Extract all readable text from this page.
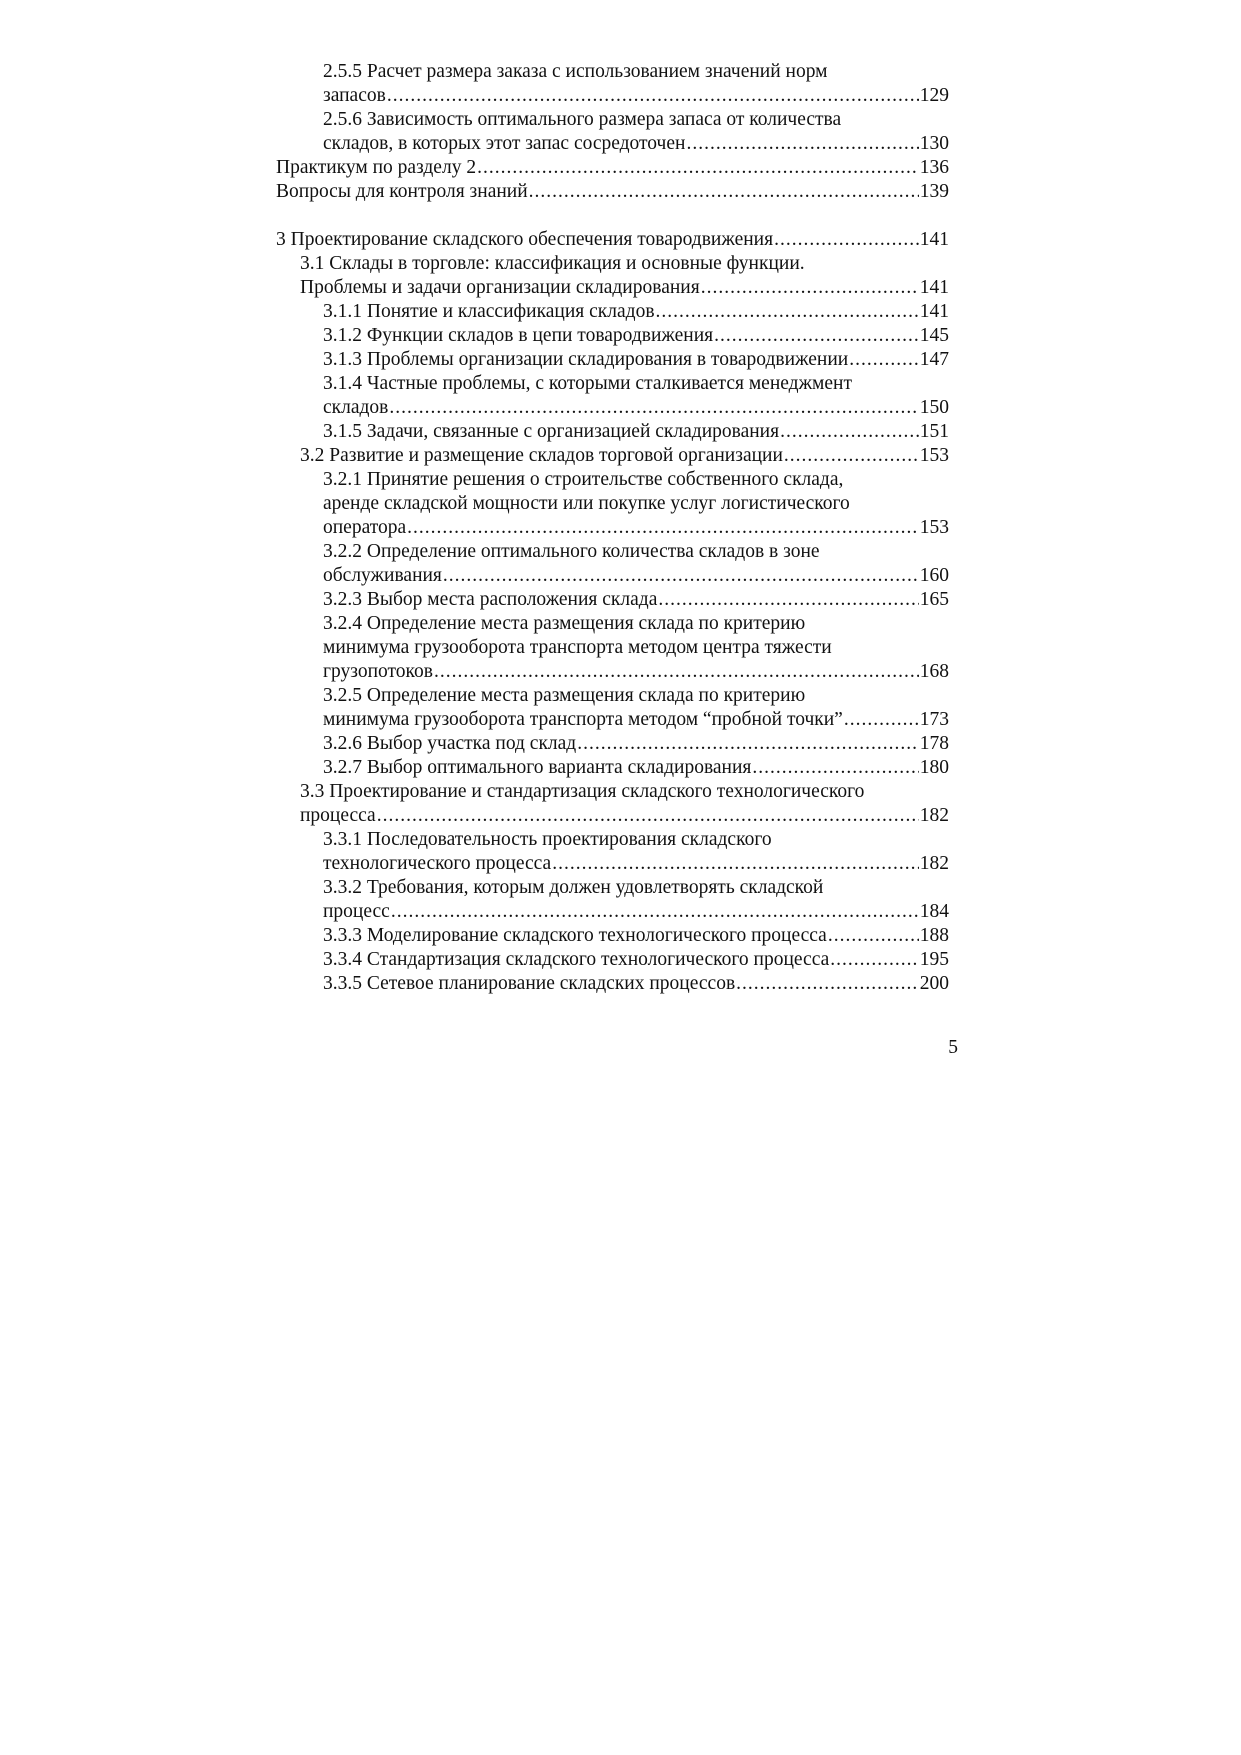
2.5.5 Расчет размера заказа с использованием значений норм
запасов .....	129
2.5.6 Зависимость оптимального размера запаса от количества
складов, в которых этот запас сосредоточен .....	130
Практикум по разделу 2 .....	136
Вопросы для контроля знаний .....	139
3 Проектирование складского обеспечения товародвижения .....	141
3.1 Склады в торговле: классификация и основные функции.
Проблемы и задачи организации складирования .....	141
3.1.1 Понятие и классификация складов .....	141
3.1.2 Функции складов в цепи товародвижения .....	145
3.1.3 Проблемы организации складирования в товародвижении .....	147
3.1.4 Частные проблемы, с которыми сталкивается менеджмент
складов .....	150
3.1.5 Задачи, связанные с организацией складирования .....	151
3.2 Развитие и размещение складов торговой организации .....	153
3.2.1 Принятие решения о строительстве собственного склада,
аренде складской мощности или покупке услуг логистического
оператора .....	153
3.2.2 Определение оптимального количества складов в зоне
обслуживания .....	160
3.2.3 Выбор места расположения склада .....	165
3.2.4 Определение места размещения склада по критерию
минимума грузооборота транспорта методом центра тяжести
грузопотоков .....	168
3.2.5 Определение места размещения склада по критерию
минимума грузооборота транспорта методом “пробной точки” .....	173
3.2.6 Выбор участка под склад .....	178
3.2.7 Выбор оптимального варианта складирования .....	180
3.3 Проектирование и стандартизация складского технологического
процесса .....	182
3.3.1 Последовательность проектирования складского
технологического процесса .....	182
3.3.2 Требования, которым должен удовлетворять складской
процесс .....	184
3.3.3 Моделирование складского технологического процесса .....	188
3.3.4 Стандартизация складского технологического процесса .....	195
3.3.5 Сетевое планирование складских процессов .....	200
5
